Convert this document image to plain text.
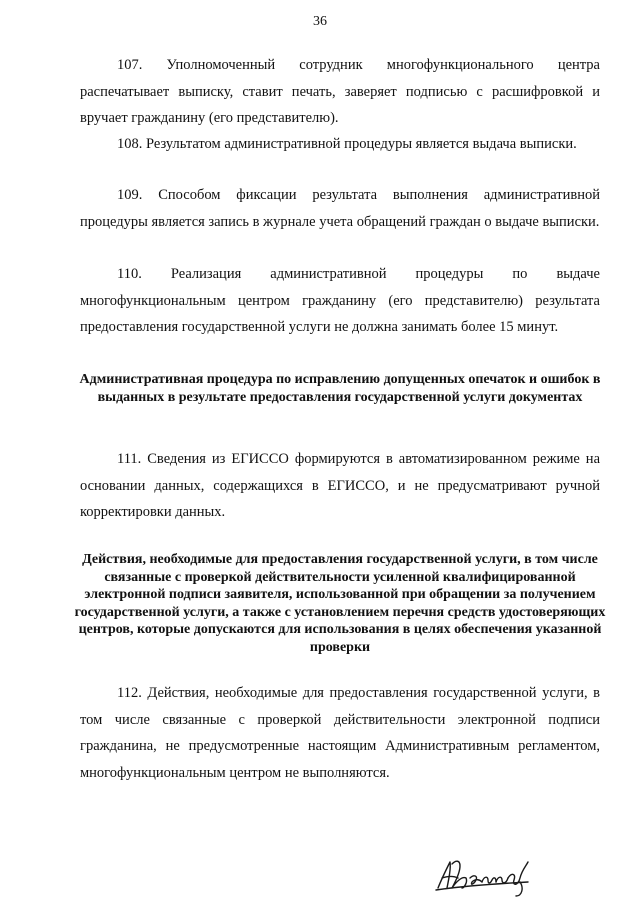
36

107. Уполномоченный сотрудник многофункционального центра распечатывает выписку, ставит печать, заверяет подписью с расшифровкой и вручает гражданину (его представителю).

108. Результатом административной процедуры является выдача выписки.

109. Способом фиксации результата выполнения административной процедуры является запись в журнале учета обращений граждан о выдаче выписки.

110. Реализация административной процедуры по выдаче многофункциональным центром гражданину (его представителю) результата предоставления государственной услуги не должна занимать более 15 минут.

Административная процедура по исправлению допущенных опечаток и ошибок в выданных в результате предоставления государственной услуги документах

111. Сведения из ЕГИССО формируются в автоматизированном режиме на основании данных, содержащихся в ЕГИССО, и не предусматривают ручной корректировки данных.

Действия, необходимые для предоставления государственной услуги, в том числе связанные с проверкой действительности усиленной квалифицированной электронной подписи заявителя, использованной при обращении за получением государственной услуги, а также с установлением перечня средств удостоверяющих центров, которые допускаются для использования в целях обеспечения указанной проверки

112. Действия, необходимые для предоставления государственной услуги, в том числе связанные с проверкой действительности электронной подписи гражданина, не предусмотренные настоящим Административным регламентом, многофункциональным центром не выполняются.
